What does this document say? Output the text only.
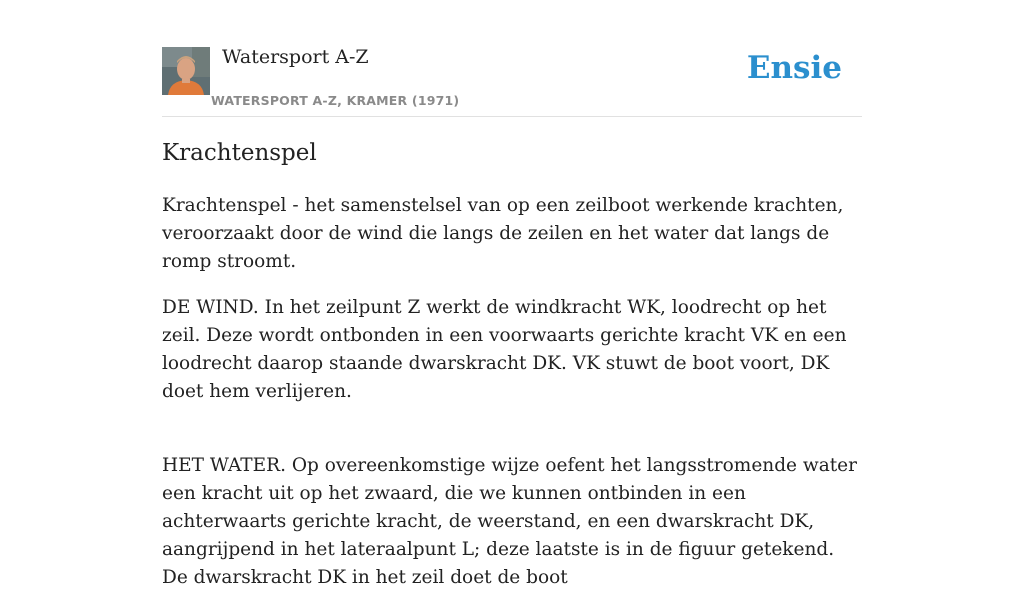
Watersport A-Z
WATERSPORT A-Z, KRAMER (1971)
Ensie
Krachtenspel

Krachtenspel - het samenstelsel van op een zeilboot werkende krachten, veroorzaakt door de wind die langs de zeilen en het water dat langs de romp stroomt.

DE WIND. In het zeilpunt Z werkt de windkracht WK, loodrecht op het zeil. Deze wordt ontbonden in een voorwaarts gerichte kracht VK en een loodrecht daarop staande dwarskracht DK. VK stuwt de boot voort, DK doet hem verlijeren.

HET WATER. Op overeenkomstige wijze oefent het langsstromende water een kracht uit op het zwaard, die we kunnen ontbinden in een achterwaarts gerichte kracht, de weerstand, en een dwarskracht DK, aangrijpend in het lateraalpunt L; deze laatste is in de figuur getekend. De dwarskracht DK in het zeil doet de boot
